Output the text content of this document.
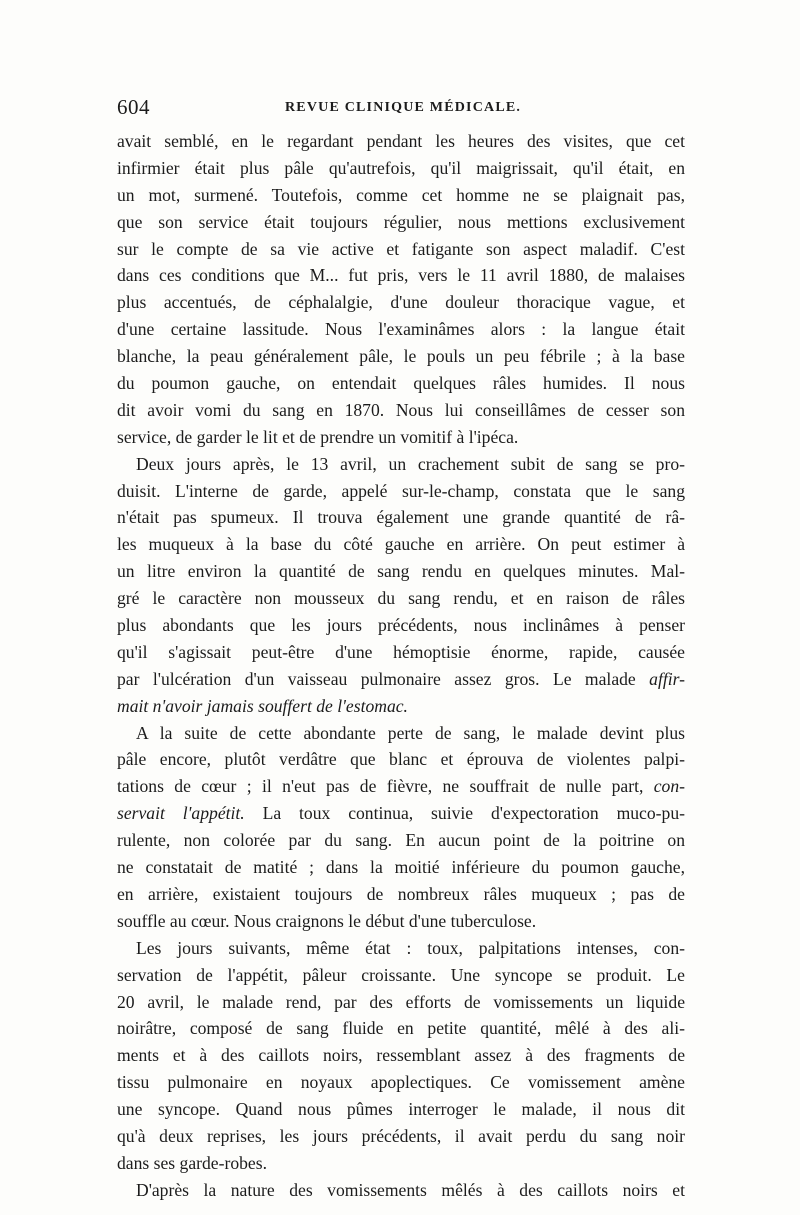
604	REVUE CLINIQUE MÉDICALE.
avait semblé, en le regardant pendant les heures des visites, que cet
infirmier était plus pâle qu'autrefois, qu'il maigrissait, qu'il était, en
un mot, surmené. Toutefois, comme cet homme ne se plaignait pas,
que son service était toujours régulier, nous mettions exclusivement
sur le compte de sa vie active et fatigante son aspect maladif. C'est
dans ces conditions que M... fut pris, vers le 11 avril 1880, de malaises
plus accentués, de céphalalgie, d'une douleur thoracique vague, et
d'une certaine lassitude. Nous l'examinâmes alors : la langue était
blanche, la peau généralement pâle, le pouls un peu fébrile ; à la base
du poumon gauche, on entendait quelques râles humides. Il nous
dit avoir vomi du sang en 1870. Nous lui conseillâmes de cesser son
service, de garder le lit et de prendre un vomitif à l'ipéca.
Deux jours après, le 13 avril, un crachement subit de sang se pro-
duisit. L'interne de garde, appelé sur-le-champ, constata que le sang
n'était pas spumeux. Il trouva également une grande quantité de râ-
les muqueux à la base du côté gauche en arrière. On peut estimer à
un litre environ la quantité de sang rendu en quelques minutes. Mal-
gré le caractère non mousseux du sang rendu, et en raison de râles
plus abondants que les jours précédents, nous inclinâmes à penser
qu'il s'agissait peut-être d'une hémoptisie énorme, rapide, causée
par l'ulcération d'un vaisseau pulmonaire assez gros. Le malade affir-
mait n'avoir jamais souffert de l'estomac.
A la suite de cette abondante perte de sang, le malade devint plus
pâle encore, plutôt verdâtre que blanc et éprouva de violentes palpi-
tations de cœur ; il n'eut pas de fièvre, ne souffrait de nulle part, con-
servait l'appétit. La toux continua, suivie d'expectoration muco-pu-
rulente, non colorée par du sang. En aucun point de la poitrine on
ne constatait de matité ; dans la moitié inférieure du poumon gauche,
en arrière, existaient toujours de nombreux râles muqueux ; pas de
souffle au cœur. Nous craignons le début d'une tuberculose.
Les jours suivants, même état : toux, palpitations intenses, con-
servation de l'appétit, pâleur croissante. Une syncope se produit. Le
20 avril, le malade rend, par des efforts de vomissements un liquide
noirâtre, composé de sang fluide en petite quantité, mêlé à des ali-
ments et à des caillots noirs, ressemblant assez à des fragments de
tissu pulmonaire en noyaux apoplectiques. Ce vomissement amène
une syncope. Quand nous pûmes interroger le malade, il nous dit
qu'à deux reprises, les jours précédents, il avait perdu du sang noir
dans ses garde-robes.
D'après la nature des vomissements mêlés à des caillots noirs et
